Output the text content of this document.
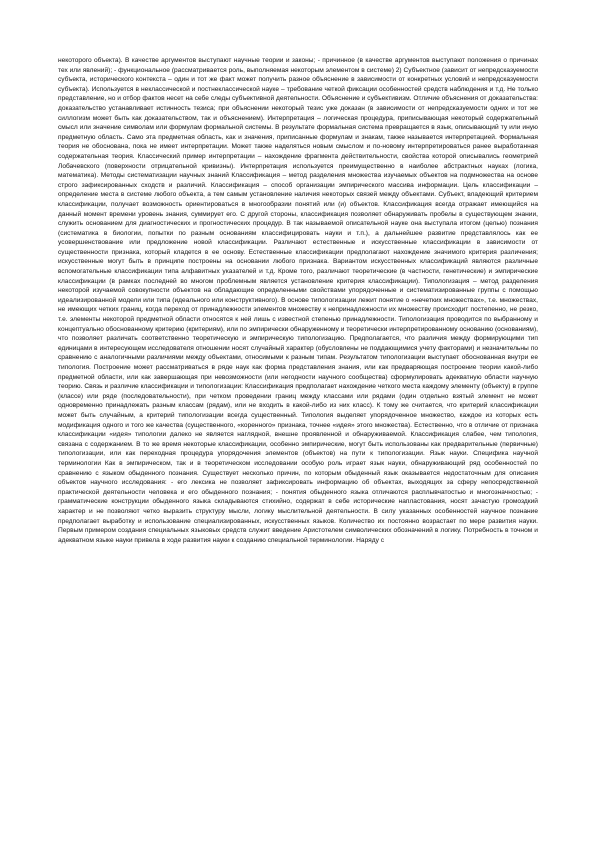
некоторого объекта). В качестве аргументов выступают научные теории и законы; - причинное (в качестве аргументов выступают положения о причинах тех или явлений); - функциональное (рассматривается роль, выполняемая некоторым элементом в системе) 2) Субъектное (зависит от непредсказуемости субъекта, исторического контекста – один и тот же факт может получить разное объяснение в зависимости от конкретных условий и непредсказуемости субъекта). Используется в неклассической и постнеклассической науке – требование четкой фиксации особенностей средств наблюдения и т.д. Не только представление, но и отбор фактов несет на себе следы субъективной деятельности. Объяснение и субъективизм. Отличие объяснения от доказательства: доказательство устанавливает истинность тезиса; при объяснении некоторый тезис уже доказан (в зависимости от непредсказуемости одних и тот же силлогизм может быть как доказательством, так и объяснением). Интерпретация – логическая процедура, приписывающая некоторый содержательный смысл или значение символам или формулам формальной системы. В результате формальная система превращается в язык, описывающий ту или иную предметную область. Само эта предметная область, как и значения, приписанные формулам и знакам, также называется интерпретацией. Формальная теория не обоснована, пока не имеет интерпретации. Может также наделяться новым смыслом и по-новому интерпретироваться ранее выработанная содержательная теория. Классический пример интерпретации – нахождение фрагмента действительности, свойства которой описывались геометрией Лобачевского (поверхности отрицательной кривизны). Интерпретация используется преимущественно в наиболее абстрактных науках (логика, математика). Методы систематизации научных знаний Классификация – метод разделения множества изучаемых объектов на подмножества на основе строго зафиксированных сходств и различий. Классификация – способ организации эмпирического массива информации. Цель классификации – определение места в системе любого объекта, а тем самым установление наличия некоторых связей между объектами. Субъект, владеющий критерием классификации, получает возможность ориентироваться в многообразии понятий или (и) объектов. Классификация всегда отражает имеющийся на данный момент времени уровень знания, суммирует его. С другой стороны, классификация позволяет обнаруживать пробелы в существующем знании, служить основанием для диагностических и прогностических процедур. В так называемой описательной науке она выступала итогом (целью) познания (систематика в биологии, попытки по разным основаниям классифицировать науки и т.п.), а дальнейшее развитие представлялось как ее усовершенствование или предложение новой классификации. Различают естественные и искусственные классификации в зависимости от существенности признака, который кладется в ее основу. Естественные классификации предполагают нахождение значимого критерия различения; искусственные могут быть в принципе построены на основании любого признака. Вариантом искусственных классификаций являются различные вспомогательные классификации типа алфавитных указателей и т.д. Кроме того, различают теоретические (в частности, генетические) и эмпирические классификации (в рамках последней во многом проблемным является установление критерия классификации). Типологизация – метод разделения некоторой изучаемой совокупности объектов на обладающие определенными свойствами упорядоченные и систематизированные группы с помощью идеализированной модели или типа (идеального или конструктивного). В основе типологизации лежит понятие о «нечетких множествах», т.е. множествах, не имеющих четких границ, когда переход от принадлежности элементов множеству к непринадлежности их множеству происходит постепенно, не резко, т.е. элементы некоторой предметной области относятся к ней лишь с известной степенью принадлежности. Типологизация проводится по выбранному и концептуально обоснованному критерию (критериям), или по эмпирически обнаруженному и теоретически интерпретированному основанию (основаниям), что позволяет различать соответственно теоретическую и эмпирическую типологизацию. Предполагается, что различия между формирующими тип единицами в интересующем исследователя отношении носят случайный характер (обусловлены не поддающимися учету факторами) и незначительны по сравнению с аналогичными различиями между объектами, относимыми к разным типам. Результатом типологизации выступает обоснованная внутри ее типология. Построение может рассматриваться в ряде наук как форма представления знания, или как предваряющая построение теории какой-либо предметной области, или как завершающая при невозможности (или негодности научного сообщества) сформулировать адекватную области научную теорию. Связь и различие классификации и типологизации: Классификация предполагает нахождение четкого места каждому элементу (объекту) в группе (классе) или ряде (последовательности), при четком проведении границ между классами или рядами (один отдельно взятый элемент не может одновременно принадлежать разным классам (рядам), или не входить в какой-либо из них класс). К тому же считается, что критерий классификации может быть случайным, а критерий типологизации всегда существенный. Типология выделяет упорядоченное множество, каждое из которых есть модификация одного и того же качества (существенного, «коренного» признака, точнее «идея» этого множества). Естественно, что в отличие от признака классификации «идея» типологии далеко не является наглядной, внешне проявленной и обнаруживаемой. Классификация слабее, чем типология, связана с содержанием. В то же время некоторые классификации, особенно эмпирические, могут быть использованы как предварительные (первичные) типологизации, или как переходная процедура упорядочения элементов (объектов) на пути к типологизации. Язык науки. Специфика научной терминологии Как в эмпирическом, так и в теоретическом исследовании особую роль играет язык науки, обнаруживающий ряд особенностей по сравнению с языком обыденного познания. Существует несколько причин, по которым обыденный язык оказывается недостаточным для описания объектов научного исследования: - его лексика не позволяет зафиксировать информацию об объектах, выходящих за сферу непосредственной практической деятельности человека и его обыденного познания; - понятия обыденного языка отличаются расплывчатостью и многозначностью; - грамматические конструкции обыденного языка складываются стихийно, содержат в себе исторические напластования, носят зачастую громоздкий характер и не позволяют четко выразить структуру мысли, логику мыслительной деятельности. В силу указанных особенностей научное познание предполагает выработку и использование специализированных, искусственных языков. Количество их постоянно возрастает по мере развития науки. Первым примером создания специальных языковых средств служит введение Аристотелем символических обозначений в логику. Потребность в точном и адекватном языке науки привела в ходе развития науки к созданию специальной терминологии. Наряду с
